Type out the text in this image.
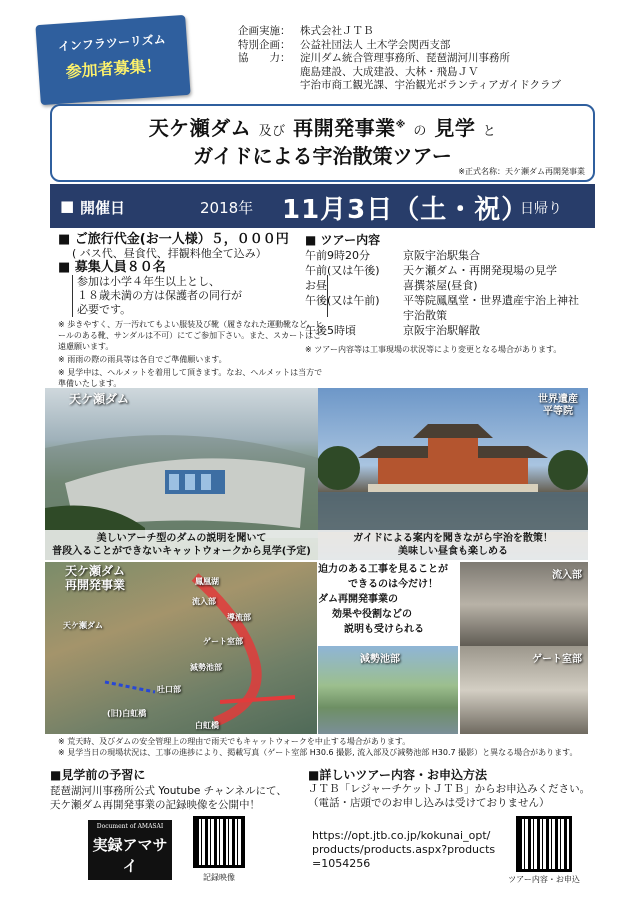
インフラツーリズム
参加者募集！
企画実施： 株式会社ＪＴＢ
特別企画： 公益社団法人 土木学会関西支部
協　　力： 淀川ダム統合管理事務所、琵琶湖河川事務所
鹿島建設、大成建設、大林・飛島ＪＶ
宇治市商工観光課、宇治観光ボランティアガイドクラブ
天ケ瀬ダム 及び 再開発事業※ の 見学 と
ガイドによる宇治散策ツアー
※正式名称：天ケ瀬ダム再開発事業
■ 開催日	2018年 11月3日（土・祝）
日帰り
■ ご旅行代金(お一人様）５，０００円
( バス代、昼食代、拝観料他全て込み）
■ 募集人員８０名
参加は小学４年生以上とし、
１８歳未満の方は保護者の同行が
必要です。
※ 歩きやすく、万一汚れてもよい服装及び靴（履きなれた運動靴など。ヒールのある靴、サンダルは不可）にてご参加下さい。また、スカートはご遠慮願います。
※ 雨雨の際の雨具等は各自でご準備願います。
※ 見学中は、ヘルメットを着用して頂きます。なお、ヘルメットは当方で準備いたします。
■ ツアー内容
午前9時20分	京阪宇治駅集合
午前(又は午後)	天ケ瀬ダム・再開発現場の見学
お昼	喜撰茶屋(昼食)
午後(又は午前)	平等院鳳凰堂・世界遺産宇治上神社
	宇治散策
午後5時頃	京阪宇治駅解散
※ ツアー内容等は工事現場の状況等により変更となる場合があります。
天ケ瀬ダム
美しいアーチ型のダムの説明を聞いて
普段入ることができないキャットウォークから見学(予定)
世界遺産
平等院
ガイドによる案内を聞きながら宇治を散策！
美味しい昼食も楽しめる
天ケ瀬ダム
再開発事業	鳳凰湖
流入部
導流部
ゲート室部
天ケ瀬ダム
減勢池部
吐口部
(旧)白虹橋
白虹橋

迫力のある工事を見ることが

できるのは今だけ！

ダム再開発事業の

効果や役割などの

説明も受けられる

減勢池部
流入部
ゲート室部
※ 荒天時、及びダムの安全管理上の理由で雨天でもキャットウォークを中止する場合があります。
※ 見学当日の現場状況は、工事の進捗により、掲載写真（ゲート室部 H30.6 撮影, 流入部及び減勢池部 H30.7 撮影）と異なる場合があります。
■見学前の予習に
琵琶湖河川事務所公式 Youtube チャンネルにて、
天ケ瀬ダム再開発事業の記録映像を公開中！
Document of AMASAI
実録アマサイ
－放流能力補完計画－
記録映像
■詳しいツアー内容・お申込方法
ＪＴＢ「レジャーチケットＪＴＢ」からお申込みください。
（電話・店頭でのお申し込みは受けておりません）
https://opt.jtb.co.jp/kokunai_opt/
products/products.aspx?products
=1054256
ツアー内容・お申込
